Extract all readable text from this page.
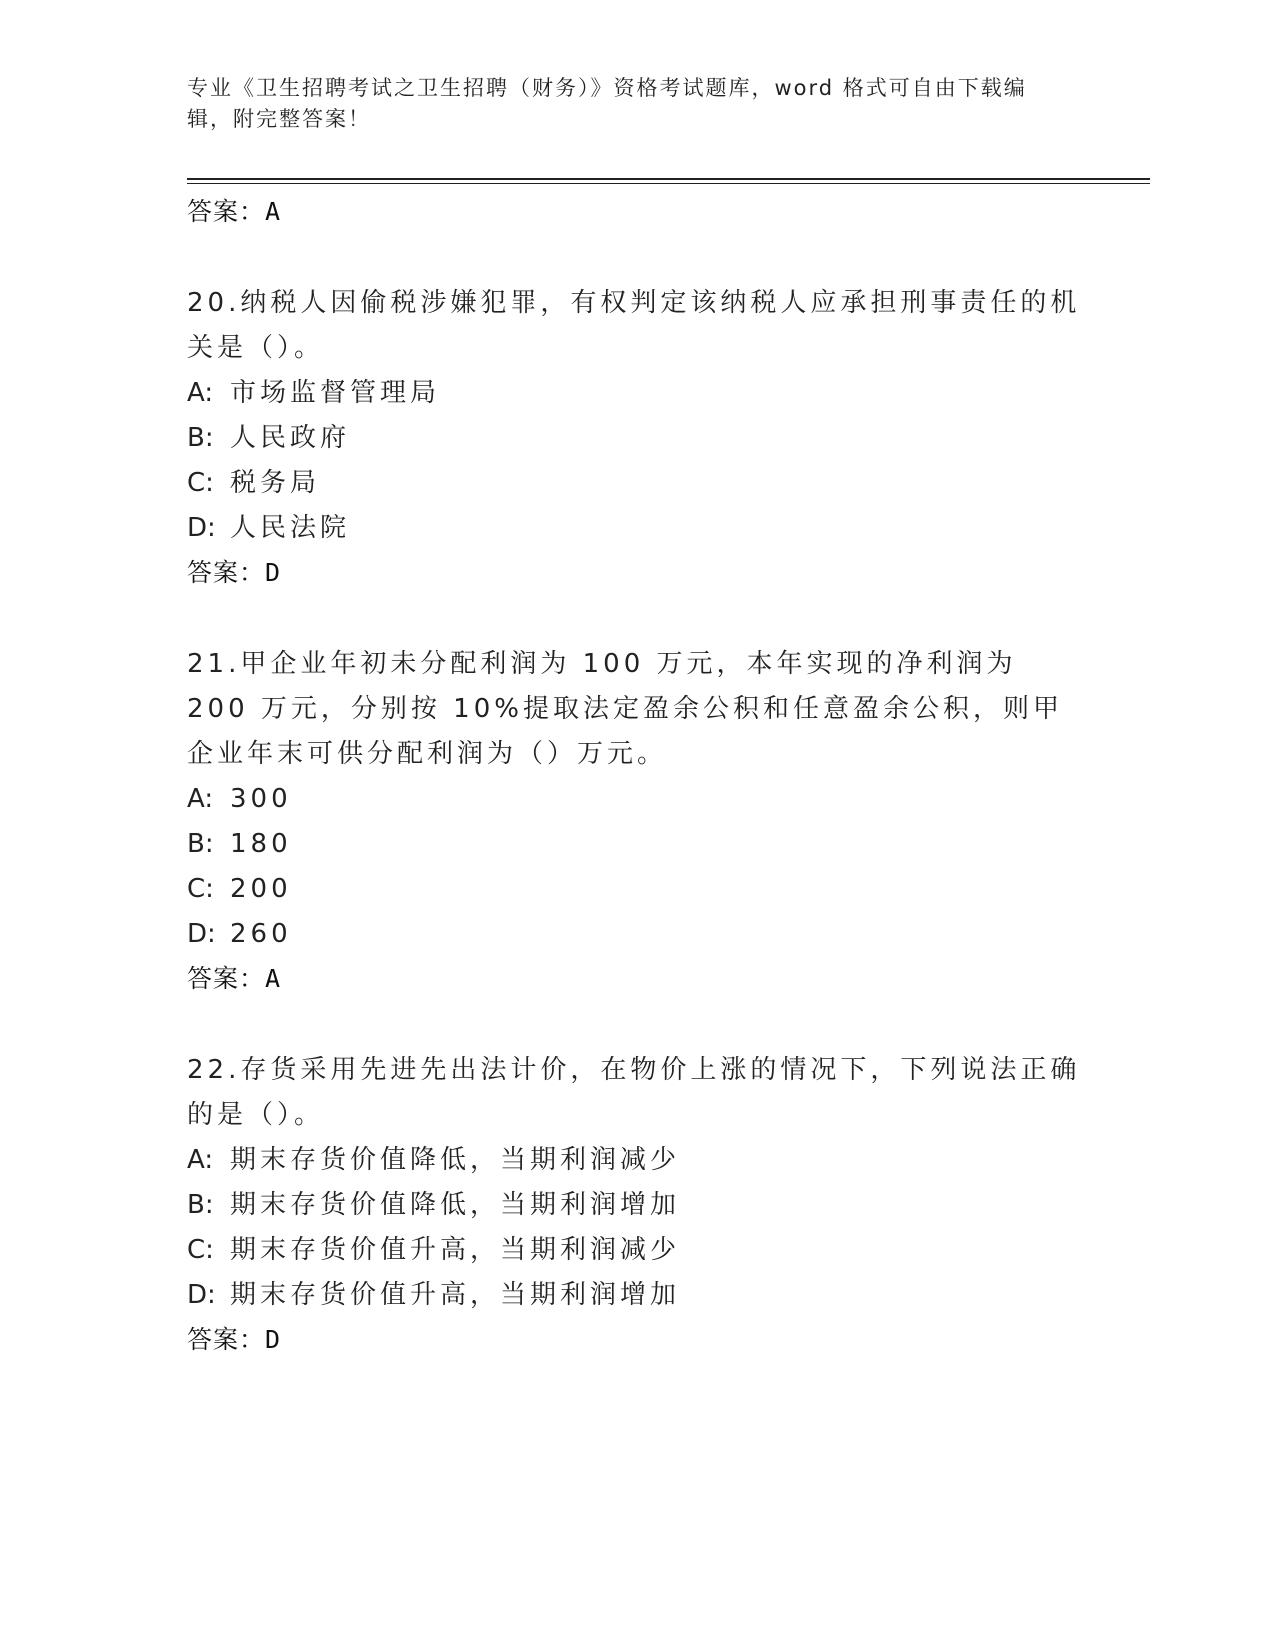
专业《卫生招聘考试之卫生招聘（财务）》资格考试题库，word 格式可自由下载编辑，附完整答案！
答案：A
20.纳税人因偷税涉嫌犯罪，有权判定该纳税人应承担刑事责任的机关是（）。
A: 市场监督管理局
B: 人民政府
C: 税务局
D: 人民法院
答案：D
21.甲企业年初未分配利润为 100 万元，本年实现的净利润为 200 万元，分别按 10%提取法定盈余公积和任意盈余公积，则甲企业年末可供分配利润为（）万元。
A: 300
B: 180
C: 200
D: 260
答案：A
22.存货采用先进先出法计价，在物价上涨的情况下，下列说法正确的是（）。
A: 期末存货价值降低，当期利润减少
B: 期末存货价值降低，当期利润增加
C: 期末存货价值升高，当期利润减少
D: 期末存货价值升高，当期利润增加
答案：D
